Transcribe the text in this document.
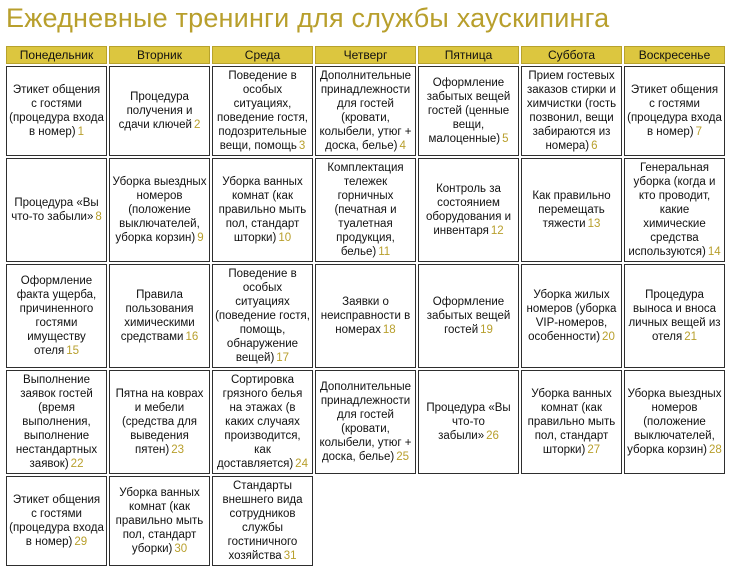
Ежедневные тренинги для службы хаускипинга
Понедельник	Вторник	Среда	Четверг	Пятница	Суббота	Воскресенье
Этикет общения с гостями (процедура входа в номер) 1	Процедура получения и сдачи ключей 2	Поведение в особых ситуациях, поведение гостя, подозрительные вещи, помощь 3	Дополнительные принадлежности для гостей (кровати, колыбели, утюг + доска, белье) 4	Оформление забытых вещей гостей (ценные вещи, малоценные) 5	Прием гостевых заказов стирки и химчистки (гость позвонил, вещи забираются из номера) 6	Этикет общения с гостями (процедура входа в номер) 7
Процедура «Вы что-то забыли» 8	Уборка выездных номеров (положение выключателей, уборка корзин) 9	Уборка ванных комнат (как правильно мыть пол, стандарт шторки) 10	Комплектация тележек горничных (печатная и туалетная продукция, белье) 11	Контроль за состоянием оборудования и инвентаря 12	Как правильно перемещать тяжести 13	Генеральная уборка (когда и кто проводит, какие химические средства используются) 14
Оформление факта ущерба, причиненного гостями имуществу отеля 15	Правила пользования химическими средствами 16	Поведение в особых ситуациях (поведение гостя, помощь, обнаружение вещей) 17	Заявки о неисправности в номерах 18	Оформление забытых вещей гостей 19	Уборка жилых номеров (уборка VIP-номеров, особенности) 20	Процедура выноса и вноса личных вещей из отеля 21
Выполнение заявок гостей (время выполнения, выполнение нестандартных заявок) 22	Пятна на коврах и мебели (средства для выведения пятен) 23	Сортировка грязного белья на этажах (в каких случаях производится, как доставляется) 24	Дополнительные принадлежности для гостей (кровати, колыбели, утюг + доска, белье) 25	Процедура «Вы что-то забыли» 26	Уборка ванных комнат (как правильно мыть пол, стандарт шторки) 27	Уборка выездных номеров (положение выключателей, уборка корзин) 28
Этикет общения с гостями (процедура входа в номер) 29	Уборка ванных комнат (как правильно мыть пол, стандарт уборки) 30	Стандарты внешнего вида сотрудников службы гостиничного хозяйства 31				
